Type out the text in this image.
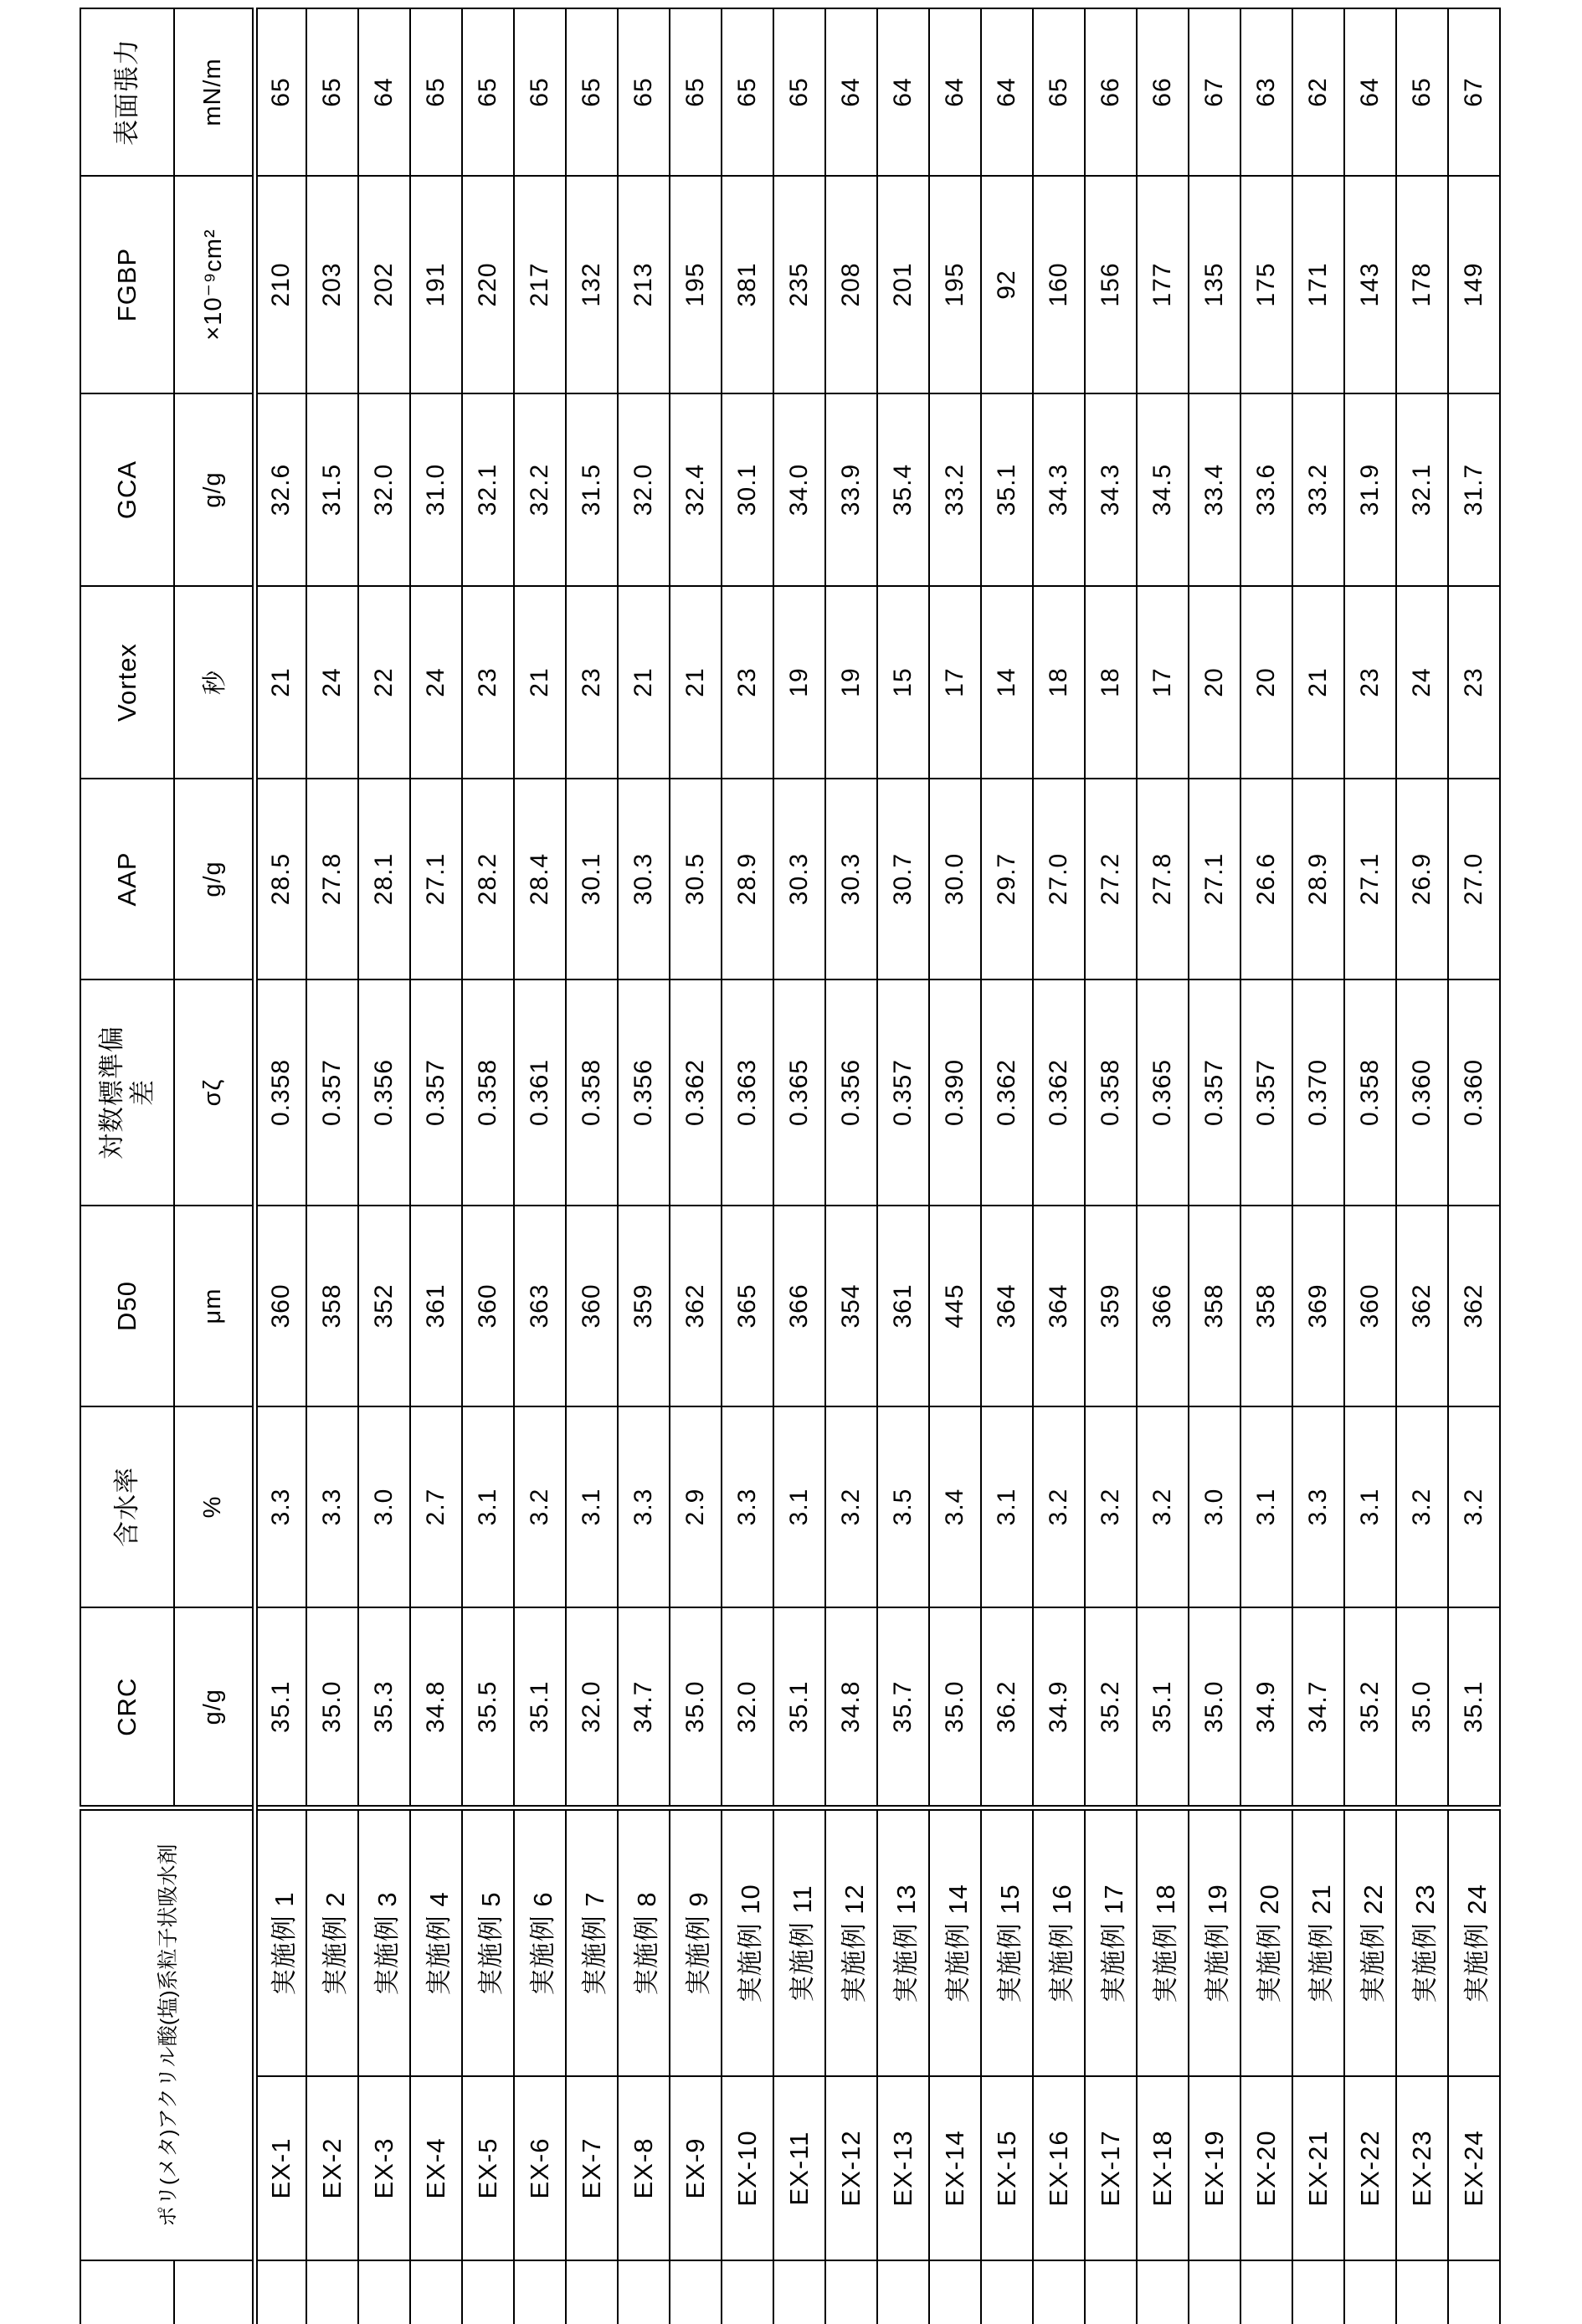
	ポリ(メタ)アクリル酸(塩)系粒子状吸水剤		CRC	含水率	D50	対数標準偏
差	AAP	Vortex	GCA	FGBP	表面張力
			g/g	%	μm	σζ	g/g	秒	g/g	×10⁻⁹cm²	mN/m
	EX-1	実施例 1	35.1	3.3	360	0.358	28.5	21	32.6	210	65
	EX-2	実施例 2	35.0	3.3	358	0.357	27.8	24	31.5	203	65
	EX-3	実施例 3	35.3	3.0	352	0.356	28.1	22	32.0	202	64
	EX-4	実施例 4	34.8	2.7	361	0.357	27.1	24	31.0	191	65
	EX-5	実施例 5	35.5	3.1	360	0.358	28.2	23	32.1	220	65
	EX-6	実施例 6	35.1	3.2	363	0.361	28.4	21	32.2	217	65
	EX-7	実施例 7	32.0	3.1	360	0.358	30.1	23	31.5	132	65
	EX-8	実施例 8	34.7	3.3	359	0.356	30.3	21	32.0	213	65
	EX-9	実施例 9	35.0	2.9	362	0.362	30.5	21	32.4	195	65
	EX-10	実施例 10	32.0	3.3	365	0.363	28.9	23	30.1	381	65
	EX-11	実施例 11	35.1	3.1	366	0.365	30.3	19	34.0	235	65
	EX-12	実施例 12	34.8	3.2	354	0.356	30.3	19	33.9	208	64
	EX-13	実施例 13	35.7	3.5	361	0.357	30.7	15	35.4	201	64
	EX-14	実施例 14	35.0	3.4	445	0.390	30.0	17	33.2	195	64
	EX-15	実施例 15	36.2	3.1	364	0.362	29.7	14	35.1	92	64
	EX-16	実施例 16	34.9	3.2	364	0.362	27.0	18	34.3	160	65
	EX-17	実施例 17	35.2	3.2	359	0.358	27.2	18	34.3	156	66
	EX-18	実施例 18	35.1	3.2	366	0.365	27.8	17	34.5	177	66
	EX-19	実施例 19	35.0	3.0	358	0.357	27.1	20	33.4	135	67
	EX-20	実施例 20	34.9	3.1	358	0.357	26.6	20	33.6	175	63
	EX-21	実施例 21	34.7	3.3	369	0.370	28.9	21	33.2	171	62
	EX-22	実施例 22	35.2	3.1	360	0.358	27.1	23	31.9	143	64
	EX-23	実施例 23	35.0	3.2	362	0.360	26.9	24	32.1	178	65
	EX-24	実施例 24	35.1	3.2	362	0.360	27.0	23	31.7	149	67
